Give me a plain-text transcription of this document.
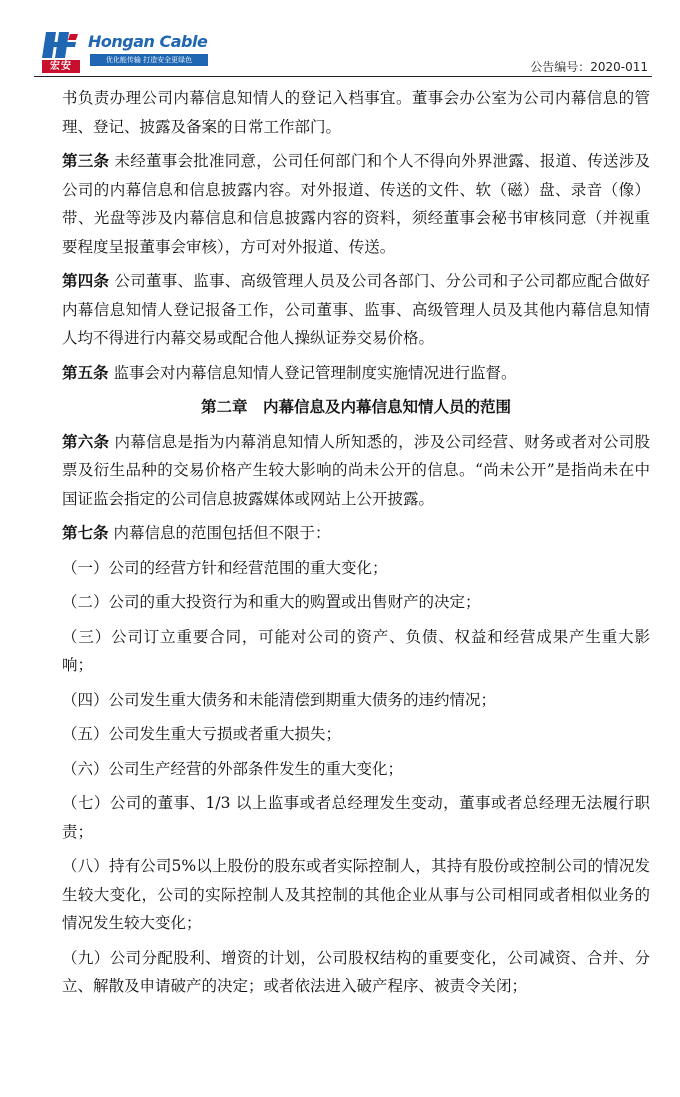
宏安
Hongan Cable
优化能传输 打造安全更绿色	公告编号：2020-011

书负责办理公司内幕信息知情人的登记入档事宜。董事会办公室为公司内幕信息的管理、登记、披露及备案的日常工作部门。

第三条 未经董事会批准同意，公司任何部门和个人不得向外界泄露、报道、传送涉及公司的内幕信息和信息披露内容。对外报道、传送的文件、软（磁）盘、录音（像）带、光盘等涉及内幕信息和信息披露内容的资料，须经董事会秘书审核同意（并视重要程度呈报董事会审核），方可对外报道、传送。

第四条 公司董事、监事、高级管理人员及公司各部门、分公司和子公司都应配合做好内幕信息知情人登记报备工作，公司董事、监事、高级管理人员及其他内幕信息知情人均不得进行内幕交易或配合他人操纵证券交易价格。

第五条 监事会对内幕信息知情人登记管理制度实施情况进行监督。

第二章　内幕信息及内幕信息知情人员的范围

第六条 内幕信息是指为内幕消息知情人所知悉的，涉及公司经营、财务或者对公司股票及衍生品种的交易价格产生较大影响的尚未公开的信息。“尚未公开”是指尚未在中国证监会指定的公司信息披露媒体或网站上公开披露。

第七条 内幕信息的范围包括但不限于：

（一）公司的经营方针和经营范围的重大变化；

（二）公司的重大投资行为和重大的购置或出售财产的决定；

（三）公司订立重要合同，可能对公司的资产、负债、权益和经营成果产生重大影响；

（四）公司发生重大债务和未能清偿到期重大债务的违约情况；

（五）公司发生重大亏损或者重大损失；

（六）公司生产经营的外部条件发生的重大变化；

（七）公司的董事、1/3 以上监事或者总经理发生变动，董事或者总经理无法履行职责；

（八）持有公司5%以上股份的股东或者实际控制人，其持有股份或控制公司的情况发生较大变化，公司的实际控制人及其控制的其他企业从事与公司相同或者相似业务的情况发生较大变化；

（九）公司分配股利、增资的计划，公司股权结构的重要变化，公司减资、合并、分立、解散及申请破产的决定；或者依法进入破产程序、被责令关闭；
